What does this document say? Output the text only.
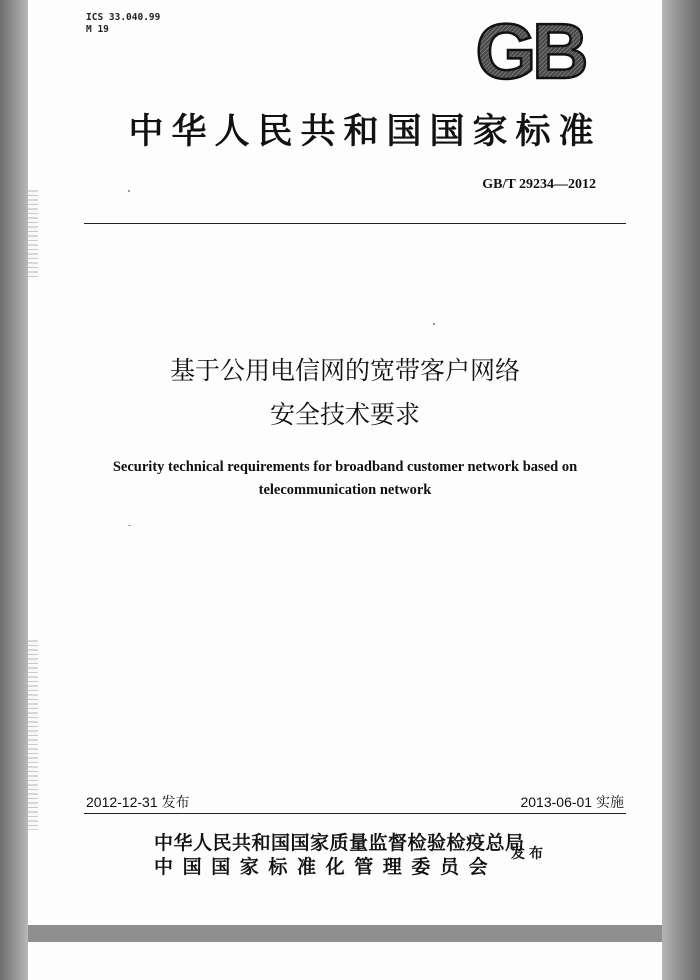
ICS 33.040.99
M 19	GB
中华人民共和国国家标准
GB/T 29234—2012
基于公用电信网的宽带客户网络
安全技术要求
Security technical requirements for broadband customer network based on
telecommunication network
2012-12-31 发布	2013-06-01 实施
中华人民共和国国家质量监督检验检疫总局
中国国家标准化管理委员会
发布
